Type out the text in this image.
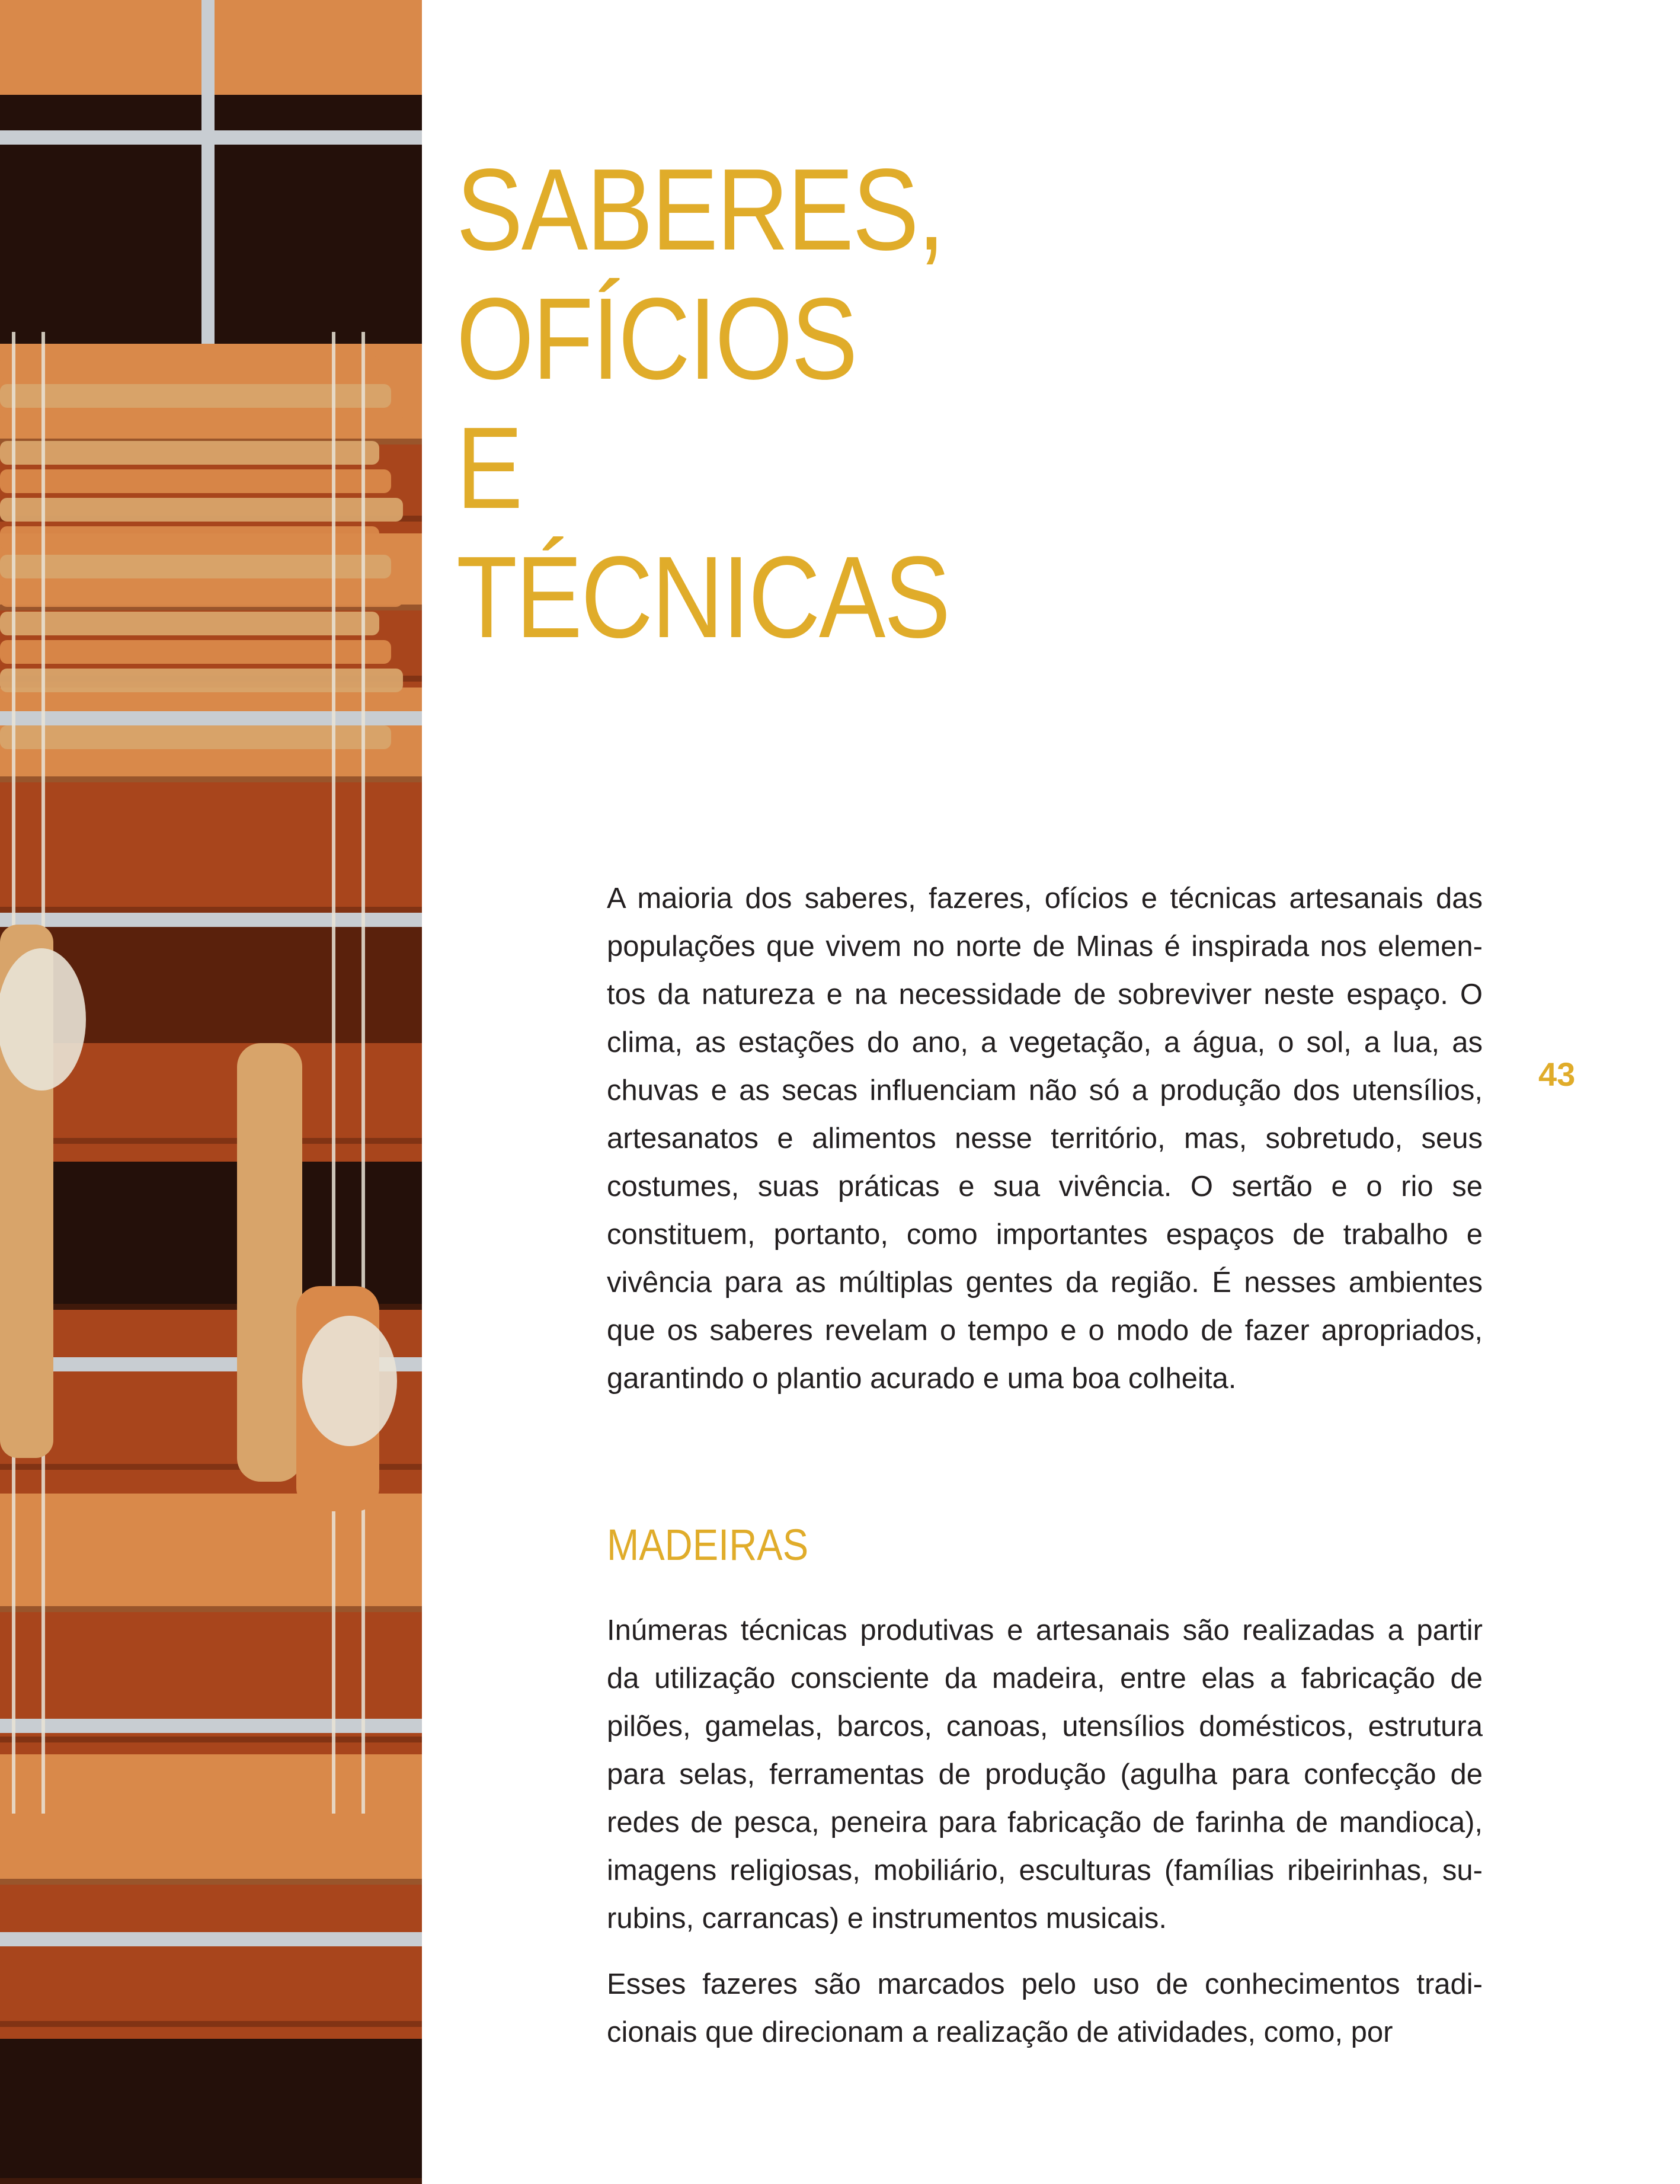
SABERES,
OFÍCIOS E
TÉCNICAS
43

A maioria dos saberes, fazeres, ofícios e técnicas artesanais das populações que vivem no norte de Minas é inspirada nos elementos da natureza e na necessidade de sobreviver neste espaço. O clima, as estações do ano, a vegetação, a água, o sol, a lua, as chuvas e as secas influenciam não só a produção dos utensílios, artesanatos e alimentos nesse território, mas, sobretudo, seus costumes, suas práticas e sua vivência. O sertão e o rio se constituem, portanto, como importantes espaços de trabalho e vivência para as múltiplas gentes da região. É nesses ambientes que os saberes revelam o tempo e o modo de fazer apropriados, garantindo o plantio acurado e uma boa colheita.

MADEIRAS

Inúmeras técnicas produtivas e artesanais são realizadas a partir da utilização consciente da madeira, entre elas a fabricação de pilões, gamelas, barcos, canoas, utensílios domésticos, estrutura para selas, ferramentas de produção (agulha para confecção de redes de pesca, peneira para fabricação de farinha de mandioca), imagens religiosas, mobiliário, esculturas (famílias ribeirinhas, surubins, carrancas) e instrumentos musicais.

Esses fazeres são marcados pelo uso de conhecimentos tradicionais que direcionam a realização de atividades, como, por
